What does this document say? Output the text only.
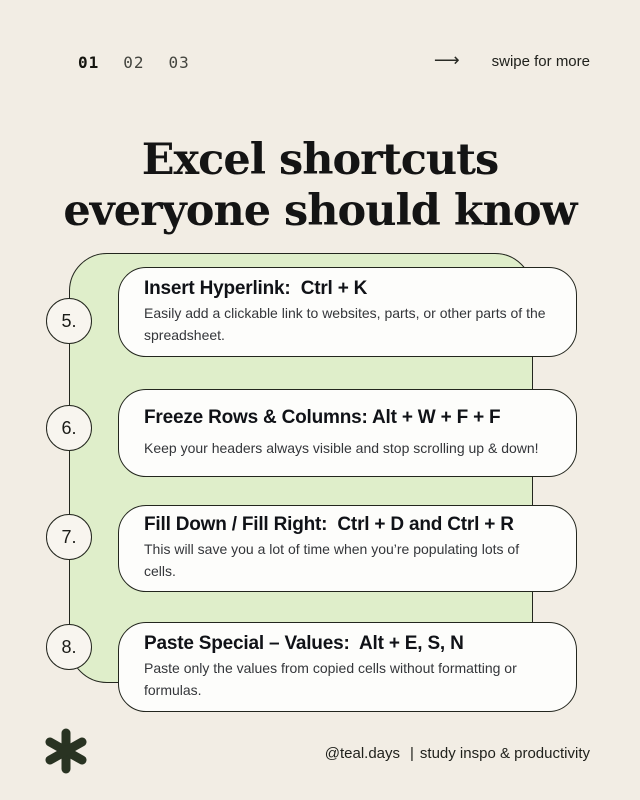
01 02 03	⟶ swipe for more
Excel shortcuts
everyone should know
5.
6.
7.
8.

Insert Hyperlink:  Ctrl + K

Easily add a clickable link to websites, parts, or other parts of the spreadsheet.

Freeze Rows & Columns: Alt + W + F + F

Keep your headers always visible and stop scrolling up & down!

Fill Down / Fill Right:  Ctrl + D and Ctrl + R

This will save you a lot of time when you’re populating lots of cells.

Paste Special – Values:  Alt + E, S, N

Paste only the values from copied cells without formatting or formulas.

@teal.days | study inspo & productivity
